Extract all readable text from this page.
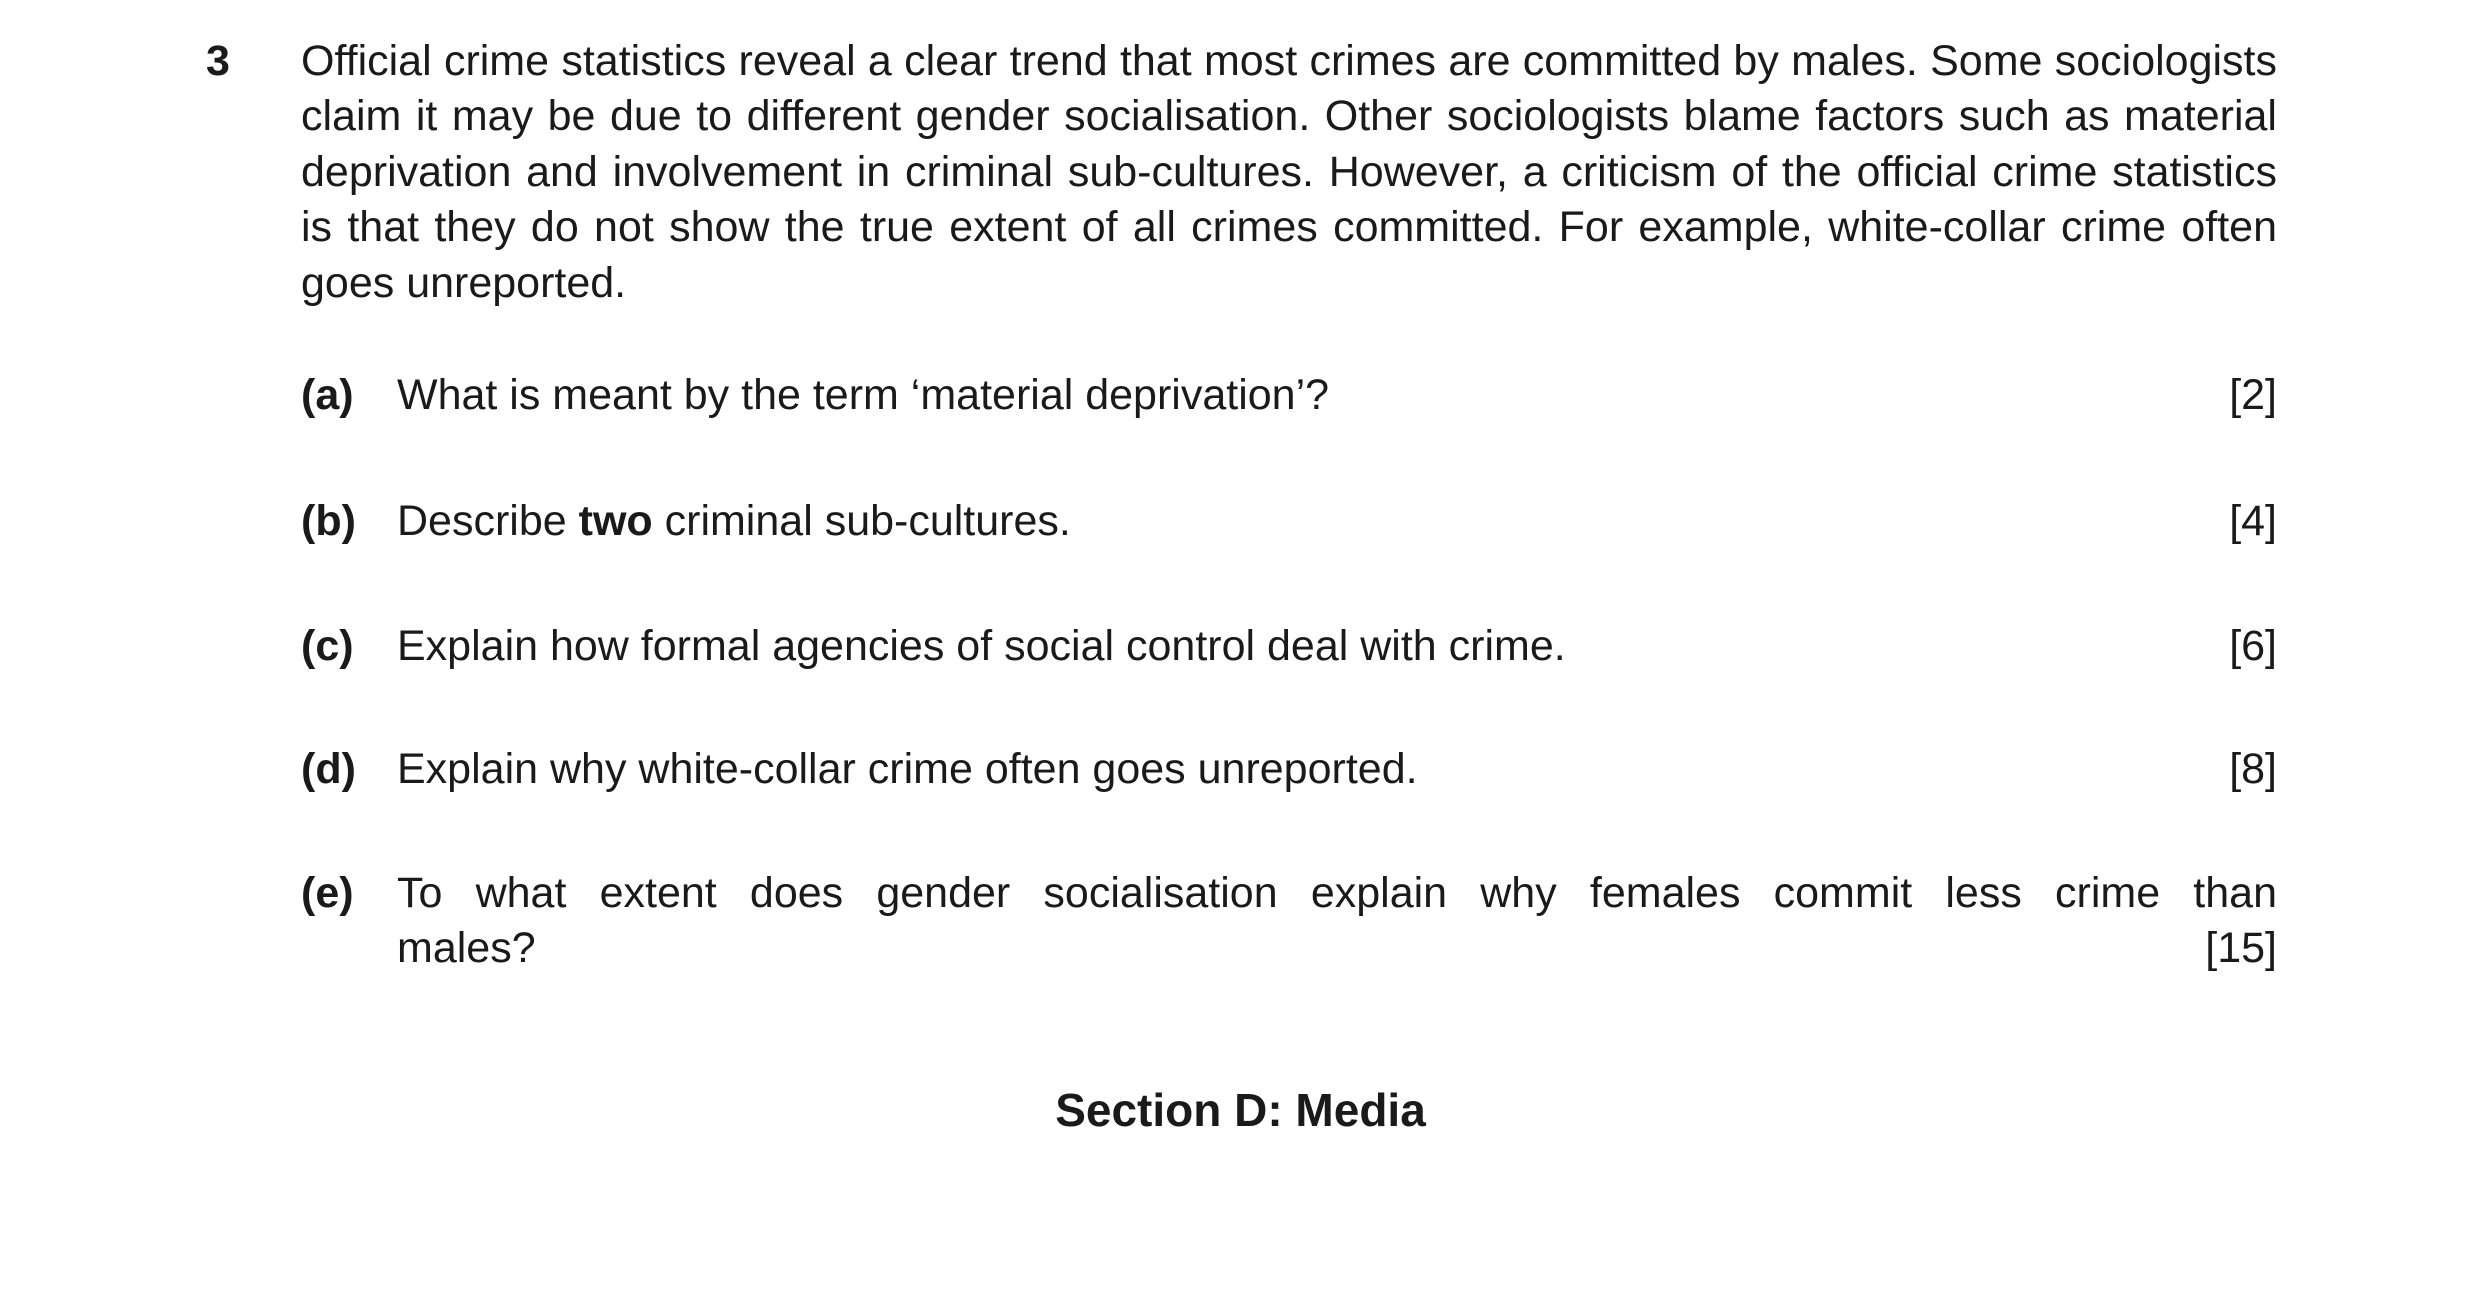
3 Official crime statistics reveal a clear trend that most crimes are committed by males. Some sociologists claim it may be due to different gender socialisation. Other sociologists blame factors such as material deprivation and involvement in criminal sub-cultures. However, a criticism of the official crime statistics is that they do not show the true extent of all crimes committed. For example, white-collar crime often goes unreported.
(a) What is meant by the term ‘material deprivation’?	[2]
(b) Describe two criminal sub-cultures.	[4]
(c) Explain how formal agencies of social control deal with crime.	[6]
(d) Explain why white-collar crime often goes unreported.	[8]
(e) To what extent does gender socialisation explain why females commit less crime than
males?	[15]
Section D: Media
